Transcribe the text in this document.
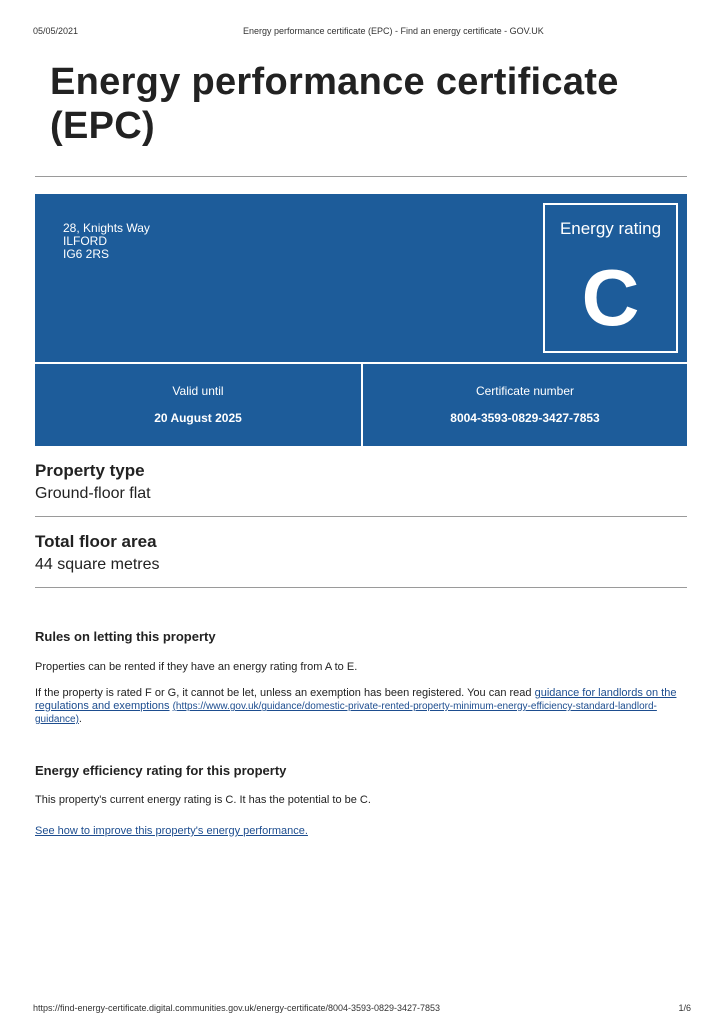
05/05/2021	Energy performance certificate (EPC) - Find an energy certificate - GOV.UK
Energy performance certificate
(EPC)
28, Knights Way
ILFORD
IG6 2RS
Energy rating
C
Valid until
20 August 2025
Certificate number
8004-3593-0829-3427-7853
Property type
Ground-floor flat
Total floor area
44 square metres
Rules on letting this property

Properties can be rented if they have an energy rating from A to E.

If the property is rated F or G, it cannot be let, unless an exemption has been registered. You can read guidance for landlords on the regulations and exemptions (https://www.gov.uk/guidance/domestic-private-rented-property-minimum-energy-efficiency-standard-landlord-guidance).

Energy efficiency rating for this property

This property's current energy rating is C. It has the potential to be C.

See how to improve this property's energy performance.

https://find-energy-certificate.digital.communities.gov.uk/energy-certificate/8004-3593-0829-3427-7853	1/6
